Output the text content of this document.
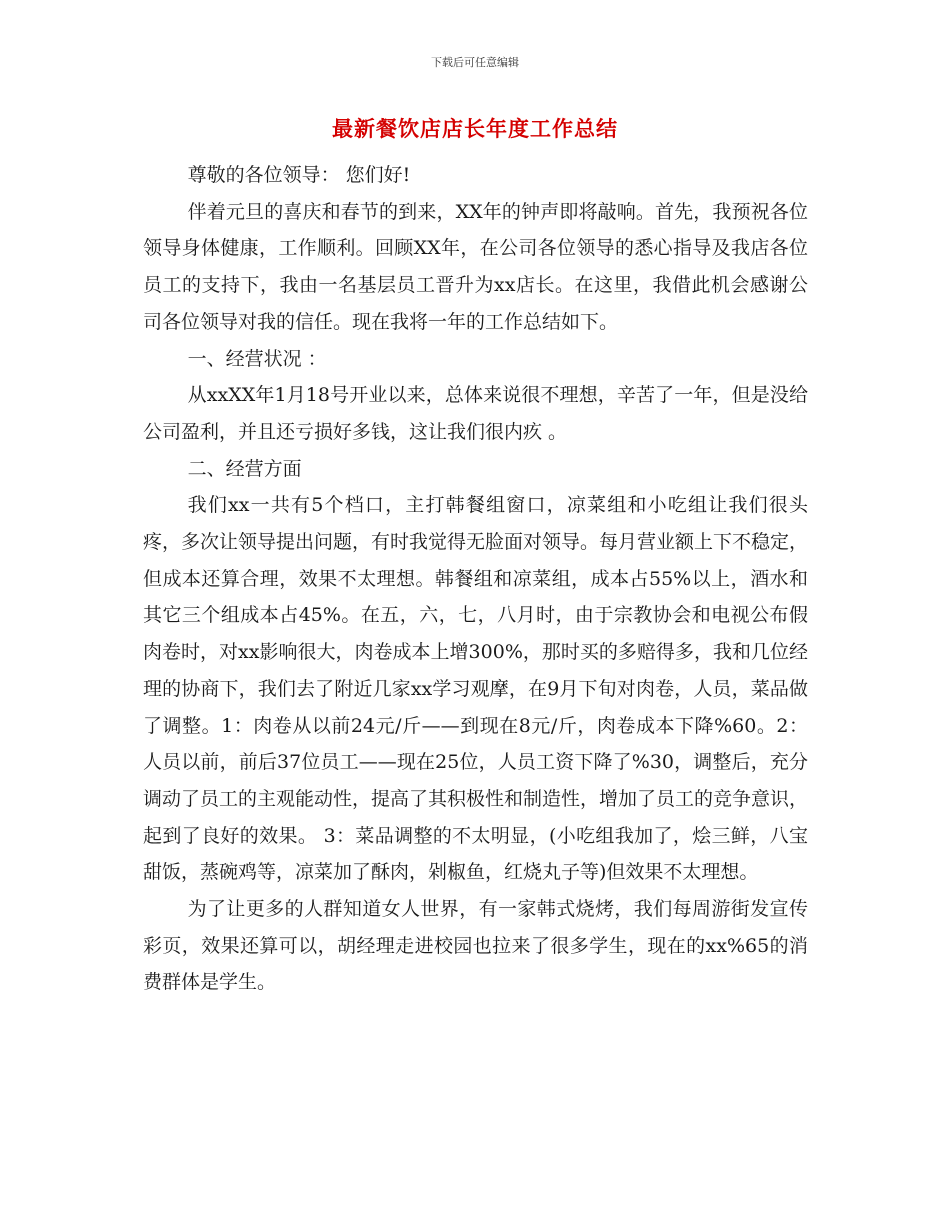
下载后可任意编辑
最新餐饮店店长年度工作总结

尊敬的各位领导： 您们好!

伴着元旦的喜庆和春节的到来，XX年的钟声即将敲响。首先，我预祝各位领导身体健康，工作顺利。回顾XX年，在公司各位领导的悉心指导及我店各位员工的支持下，我由一名基层员工晋升为xx店长。在这里，我借此机会感谢公司各位领导对我的信任。现在我将一年的工作总结如下。

一、经营状况 ：

从xxXX年1月18号开业以来，总体来说很不理想，辛苦了一年，但是没给公司盈利，并且还亏损好多钱，这让我们很内疚 。

二、经营方面

我们xx一共有5个档口，主打韩餐组窗口，凉菜组和小吃组让我们很头疼，多次让领导提出问题，有时我觉得无脸面对领导。每月营业额上下不稳定，但成本还算合理，效果不太理想。韩餐组和凉菜组，成本占55%以上，酒水和其它三个组成本占45%。在五，六，七，八月时，由于宗教协会和电视公布假肉卷时，对xx影响很大，肉卷成本上增300%，那时买的多赔得多，我和几位经理的协商下，我们去了附近几家xx学习观摩，在9月下旬对肉卷，人员，菜品做了调整。1：肉卷从以前24元/斤——到现在8元/斤，肉卷成本下降%60。2：人员以前，前后37位员工——现在25位，人员工资下降了%30，调整后，充分调动了员工的主观能动性，提高了其积极性和制造性，增加了员工的竞争意识，起到了良好的效果。 3：菜品调整的不太明显，(小吃组我加了，烩三鲜，八宝甜饭，蒸碗鸡等，凉菜加了酥肉，剁椒鱼，红烧丸子等)但效果不太理想。

为了让更多的人群知道女人世界，有一家韩式烧烤，我们每周游街发宣传彩页，效果还算可以，胡经理走进校园也拉来了很多学生，现在的xx%65的消费群体是学生。
